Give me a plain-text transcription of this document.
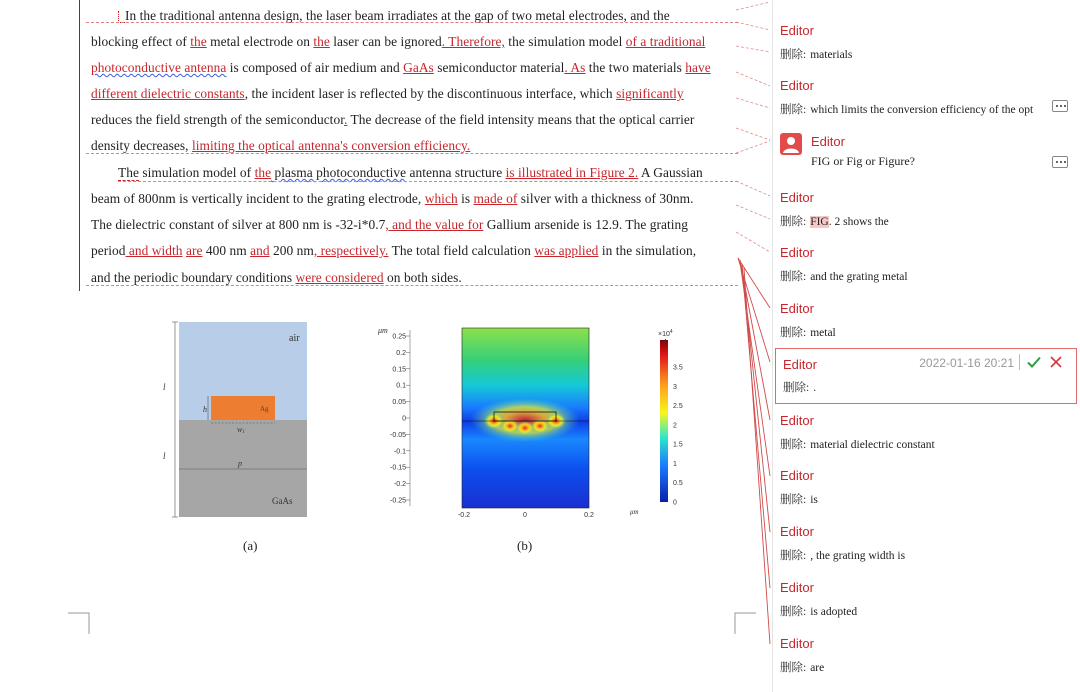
In the traditional antenna design, the laser beam irradiates at the gap of two metal electrodes, and the
blocking effect of the metal electrode on the laser can be ignored. Therefore, the simulation model of a traditional
photoconductive antenna is composed of air medium and GaAs semiconductor material. As the two materials have
different dielectric constants, the incident laser is reflected by the discontinuous interface, which significantly
reduces the field strength of the semiconductor. The decrease of the field intensity means that the optical carrier
density decreases, limiting the optical antenna's conversion efficiency.
The simulation model of the plasma photoconductive antenna structure is illustrated in Figure 2. A Gaussian
beam of 800nm is vertically incident to the grating electrode, which is made of silver with a thickness of 30nm.
The dielectric constant of silver at 800 nm is -32-i*0.7, and the value for Gallium arsenide is 12.9. The grating
period and width are 400 nm and 200 nm, respectively. The total field calculation was applied in the simulation,
and the periodic boundary conditions were considered on both sides.
air
Ag
GaAs
l
l
h
w1
p
(a)
μm
0.25
0.2
0.15
0.1
0.05
0
-0.05
-0.1
-0.15
-0.2
-0.25
-0.2	0	0.2
3.5
3
2.5
2
1.5
1
0.5
0
$\times 10^4$
4
μm
(b)
Editor
删除: materials
Editor
删除: which limits the conversion efficiency of the opt
Editor
FIG or Fig or Figure?
Editor
删除: FIG. 2 shows the
Editor
删除: and the grating metal
Editor
删除: metal
Editor	2022-01-16 20:21
删除: .
Editor
删除: material dielectric constant
Editor
删除: is
Editor
删除: , the grating width is
Editor
删除: is adopted
Editor
删除: are
